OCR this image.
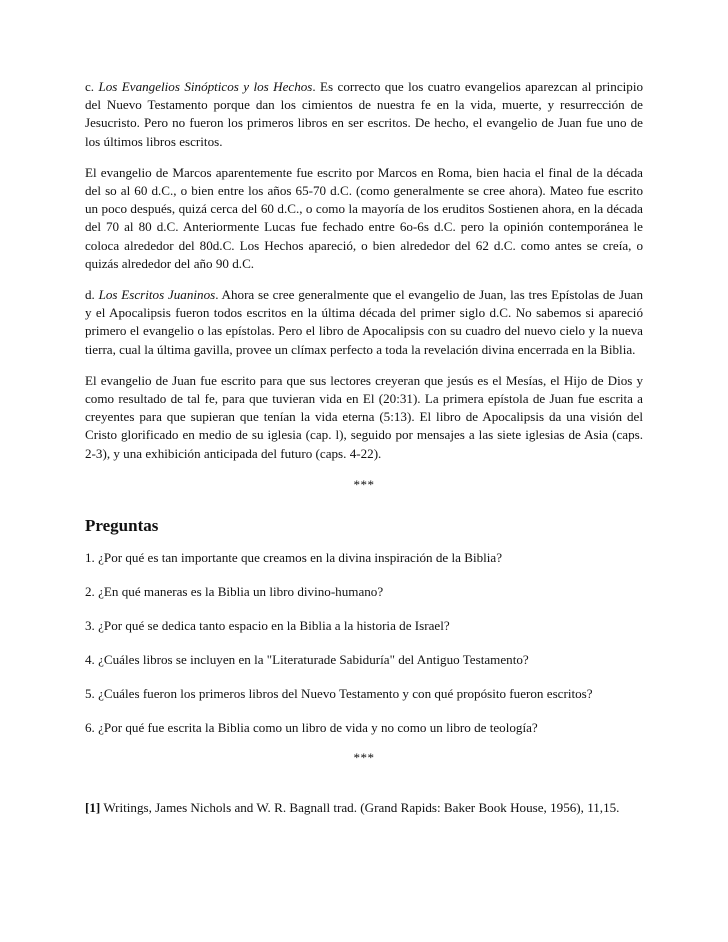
c. Los Evangelios Sinópticos y los Hechos. Es correcto que los cuatro evangelios aparezcan al principio del Nuevo Testamento porque dan los cimientos de nuestra fe en la vida, muerte, y resurrección de Jesucristo. Pero no fueron los primeros libros en ser escritos. De hecho, el evangelio de Juan fue uno de los últimos libros escritos.

El evangelio de Marcos aparentemente fue escrito por Marcos en Roma, bien hacia el final de la década del so al 60 d.C., o bien entre los años 65-70 d.C. (como generalmente se cree ahora). Mateo fue escrito un poco después, quizá cerca del 60 d.C., o como la mayoría de los eruditos Sostienen ahora, en la década del 70 al 80 d.C. Anteriormente Lucas fue fechado entre 6o-6s d.C. pero la opinión contemporánea le coloca alrededor del 80d.C. Los Hechos apareció, o bien alrededor del 62 d.C. como antes se creía, o quizás alrededor del año 90 d.C.

d. Los Escritos Juaninos. Ahora se cree generalmente que el evangelio de Juan, las tres Epístolas de Juan y el Apocalipsis fueron todos escritos en la última década del primer siglo d.C. No sabemos si apareció primero el evangelio o las epístolas. Pero el libro de Apocalipsis con su cuadro del nuevo cielo y la nueva tierra, cual la última gavilla, provee un clímax perfecto a toda la revelación divina encerrada en la Biblia.

El evangelio de Juan fue escrito para que sus lectores creyeran que jesús es el Mesías, el Hijo de Dios y como resultado de tal fe, para que tuvieran vida en El (20:31). La primera epístola de Juan fue escrita a creyentes para que supieran que tenían la vida eterna (5:13). El libro de Apocalipsis da una visión del Cristo glorificado en medio de su iglesia (cap. l), seguido por mensajes a las siete iglesias de Asia (caps. 2-3), y una exhibición anticipada del futuro (caps. 4-22).

***
Preguntas
1. ¿Por qué es tan importante que creamos en la divina inspiración de la Biblia?
2. ¿En qué maneras es la Biblia un libro divino-humano?
3. ¿Por qué se dedica tanto espacio en la Biblia a la historia de Israel?
4. ¿Cuáles libros se incluyen en la "Literaturade Sabiduría" del Antiguo Testamento?
5. ¿Cuáles fueron los primeros libros del Nuevo Testamento y con qué propósito fueron escritos?
6. ¿Por qué fue escrita la Biblia como un libro de vida y no como un libro de teología?
***

[1] Writings, James Nichols and W. R. Bagnall trad. (Grand Rapids: Baker Book House, 1956), 11,15.
